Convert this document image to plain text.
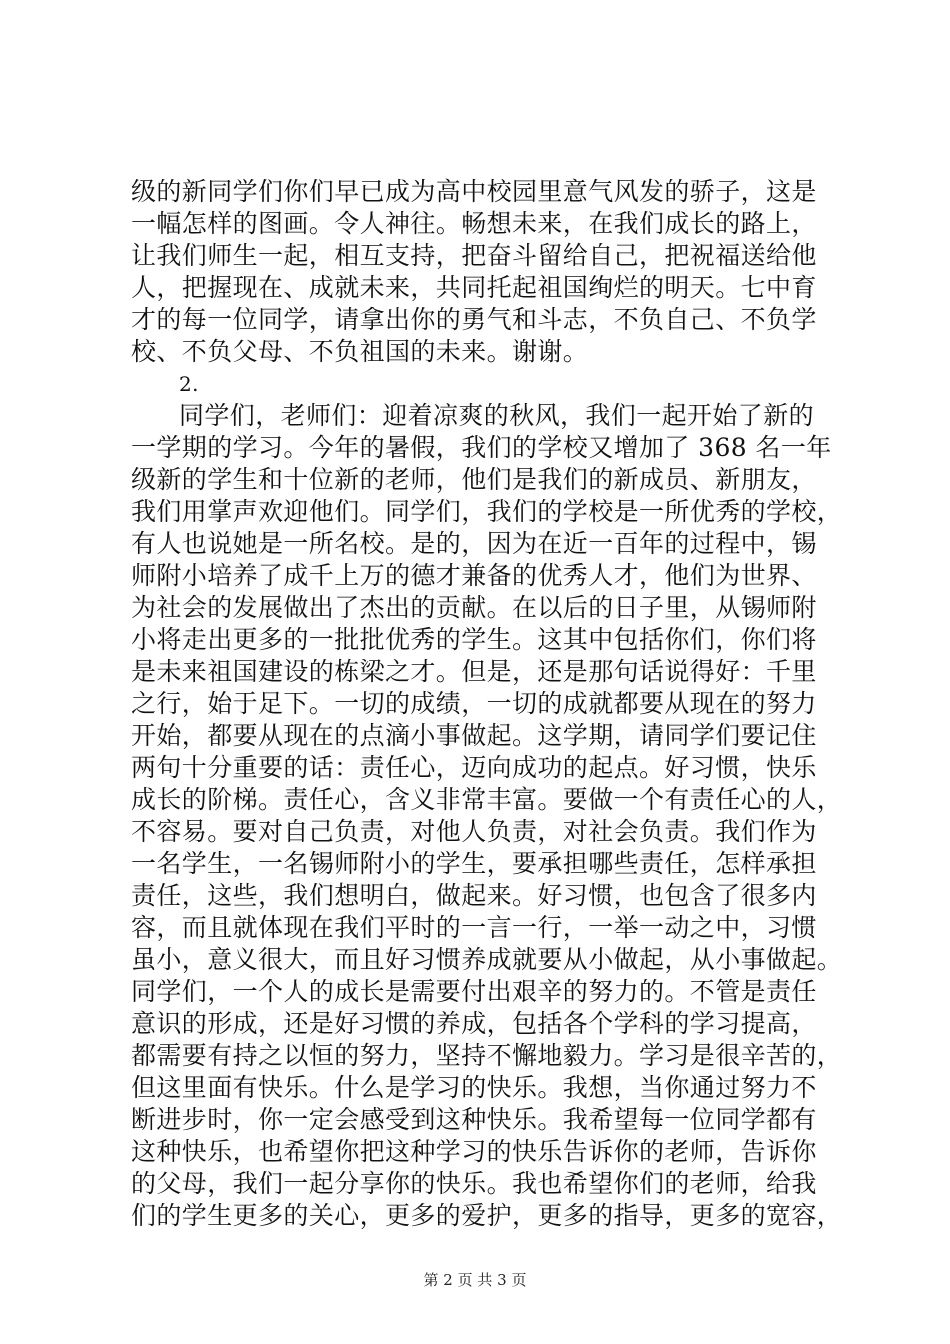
级的新同学们你们早已成为高中校园里意气风发的骄子，这是
一幅怎样的图画。令人神往。畅想未来，在我们成长的路上，
让我们师生一起，相互支持，把奋斗留给自己，把祝福送给他
人，把握现在、成就未来，共同托起祖国绚烂的明天。七中育
才的每一位同学，请拿出你的勇气和斗志，不负自己、不负学
校、不负父母、不负祖国的未来。谢谢。
2.
同学们，老师们：迎着凉爽的秋风，我们一起开始了新的
一学期的学习。今年的暑假，我们的学校又增加了 368 名一年
级新的学生和十位新的老师，他们是我们的新成员、新朋友，
我们用掌声欢迎他们。同学们，我们的学校是一所优秀的学校，
有人也说她是一所名校。是的，因为在近一百年的过程中，锡
师附小培养了成千上万的德才兼备的优秀人才，他们为世界、
为社会的发展做出了杰出的贡献。在以后的日子里，从锡师附
小将走出更多的一批批优秀的学生。这其中包括你们，你们将
是未来祖国建设的栋梁之才。但是，还是那句话说得好：千里
之行，始于足下。一切的成绩，一切的成就都要从现在的努力
开始，都要从现在的点滴小事做起。这学期，请同学们要记住
两句十分重要的话：责任心，迈向成功的起点。好习惯，快乐
成长的阶梯。责任心，含义非常丰富。要做一个有责任心的人，
不容易。要对自己负责，对他人负责，对社会负责。我们作为
一名学生，一名锡师附小的学生，要承担哪些责任，怎样承担
责任，这些，我们想明白，做起来。好习惯，也包含了很多内
容，而且就体现在我们平时的一言一行，一举一动之中，习惯
虽小，意义很大，而且好习惯养成就要从小做起，从小事做起。
同学们，一个人的成长是需要付出艰辛的努力的。不管是责任
意识的形成，还是好习惯的养成，包括各个学科的学习提高，
都需要有持之以恒的努力，坚持不懈地毅力。学习是很辛苦的，
但这里面有快乐。什么是学习的快乐。我想，当你通过努力不
断进步时，你一定会感受到这种快乐。我希望每一位同学都有
这种快乐，也希望你把这种学习的快乐告诉你的老师，告诉你
的父母，我们一起分享你的快乐。我也希望你们的老师，给我
们的学生更多的关心，更多的爱护，更多的指导，更多的宽容，
第 2 页 共 3 页
